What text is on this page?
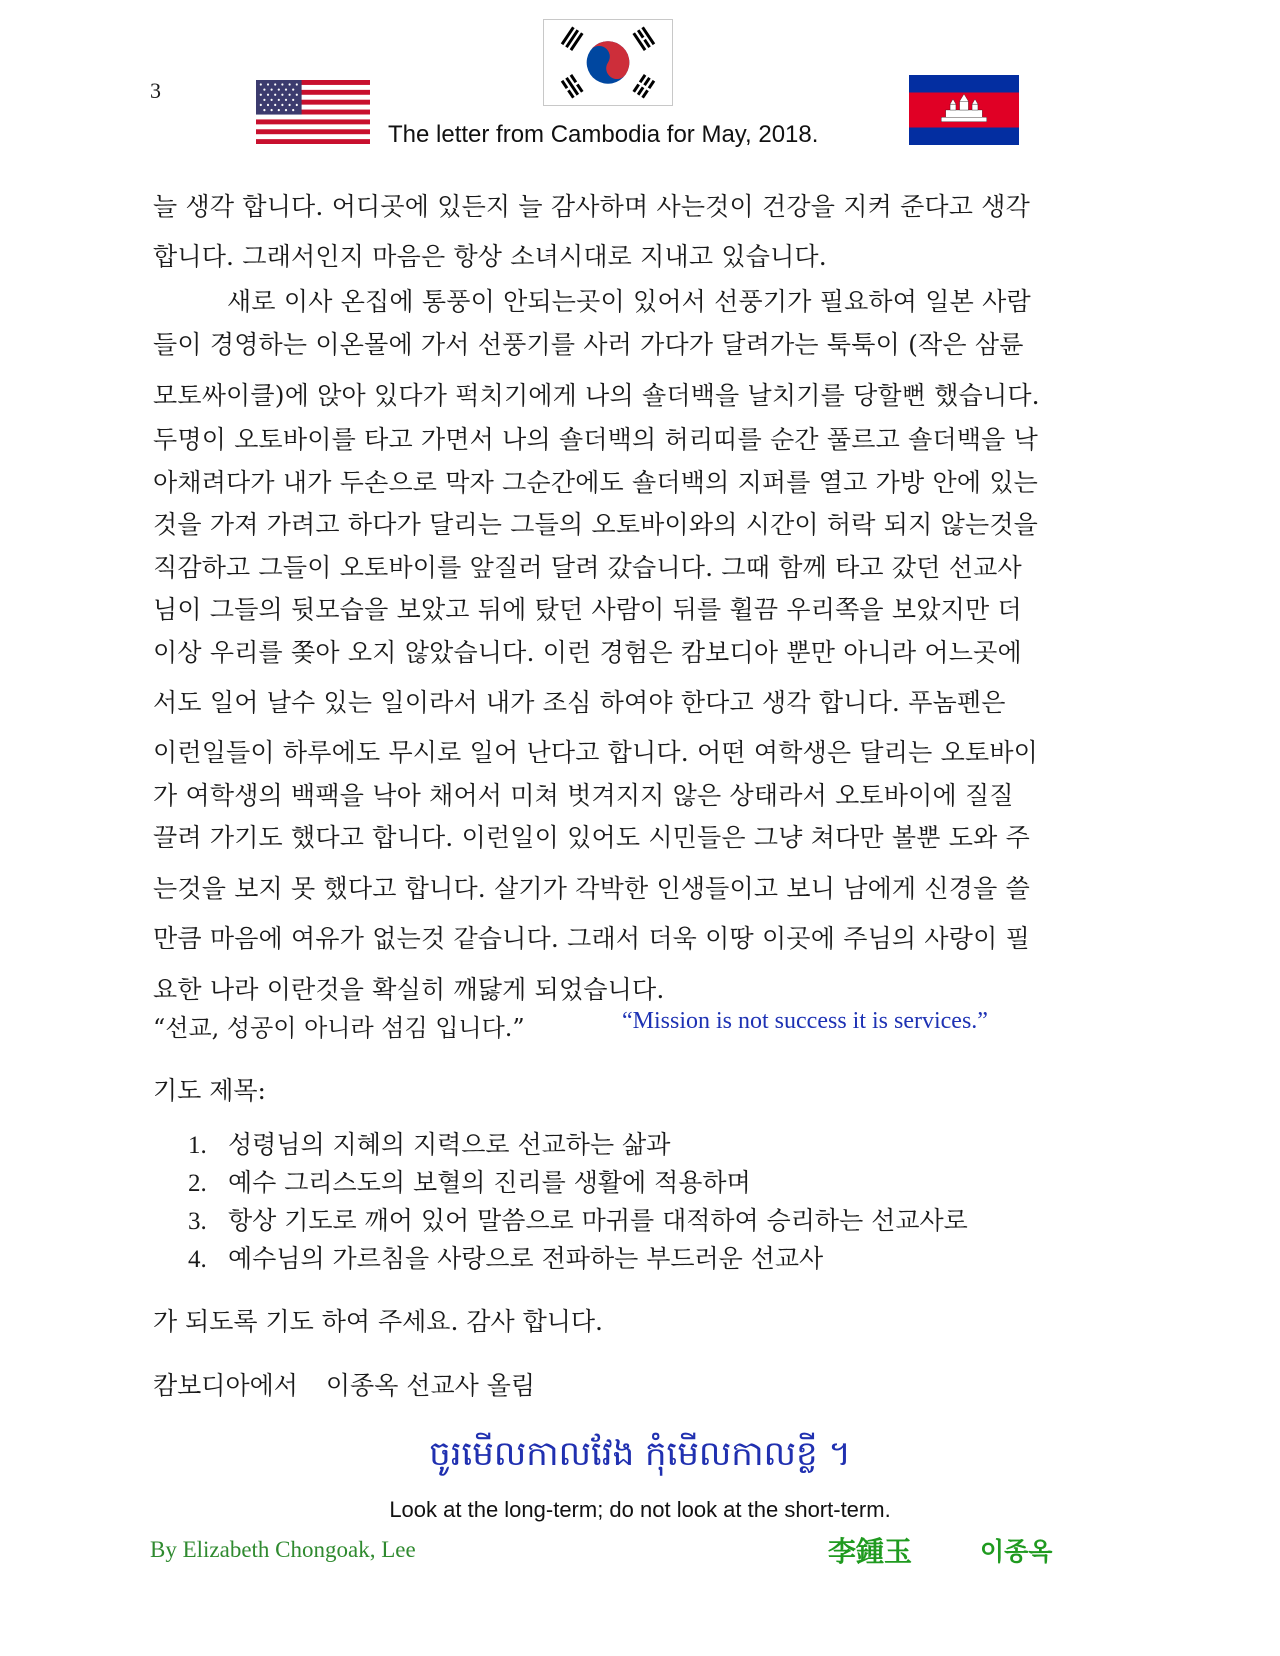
3
The letter from Cambodia for May, 2018.
늘 생각 합니다. 어디곳에 있든지 늘 감사하며 사는것이 건강을 지켜 준다고 생각
합니다. 그래서인지 마음은 항상 소녀시대로 지내고 있습니다.
새로 이사 온집에 통풍이 안되는곳이 있어서 선풍기가 필요하여 일본 사람
들이 경영하는 이온몰에 가서 선풍기를 사러 가다가 달려가는 툭툭이 (작은 삼륜
모토싸이클)에 앉아 있다가 퍽치기에게 나의 숄더백을 날치기를 당할뻔 했습니다.
두명이 오토바이를 타고 가면서 나의 숄더백의 허리띠를 순간 풀르고 숄더백을 낙
아채려다가 내가 두손으로 막자 그순간에도 숄더백의 지퍼를 열고 가방 안에 있는
것을 가져 가려고 하다가 달리는 그들의 오토바이와의 시간이 허락 되지 않는것을
직감하고 그들이 오토바이를 앞질러 달려 갔습니다. 그때 함께 타고 갔던 선교사
님이 그들의 뒷모습을 보았고 뒤에 탔던 사람이 뒤를 휠끔 우리쪽을 보았지만 더
이상 우리를 쫒아 오지 않았습니다. 이런 경험은 캄보디아 뿐만 아니라 어느곳에
서도 일어 날수 있는 일이라서 내가 조심 하여야 한다고 생각 합니다. 푸놈펜은
이런일들이 하루에도 무시로 일어 난다고 합니다. 어떤 여학생은 달리는 오토바이
가 여학생의 백팩을 낙아 채어서 미쳐 벗겨지지 않은 상태라서 오토바이에 질질
끌려 가기도 했다고 합니다. 이런일이 있어도 시민들은 그냥 쳐다만 볼뿐 도와 주
는것을 보지 못 했다고 합니다. 살기가 각박한 인생들이고 보니 남에게 신경을 쓸
만큼 마음에 여유가 없는것 같습니다. 그래서 더욱 이땅 이곳에 주님의 사랑이 필
요한 나라 이란것을 확실히 깨닳게 되었습니다.
“선교, 성공이 아니라 섬김 입니다.”	“Mission is not success it is services.”
기도 제목:
1. 성령님의 지혜의 지력으로 선교하는 삶과
2. 예수 그리스도의 보혈의 진리를 생활에 적용하며
3. 항상 기도로 깨어 있어 말씀으로 마귀를 대적하여 승리하는 선교사로
4. 예수님의 가르침을 사랑으로 전파하는 부드러운 선교사
가 되도록 기도 하여 주세요. 감사 합니다.
캄보디아에서 이종옥 선교사 올림
ចូរមើលកាលវែង កុំមើលកាលខ្លី ។
Look at the long-term; do not look at the short-term.
By Elizabeth Chongoak, Lee	李鍾玉	이종옥
